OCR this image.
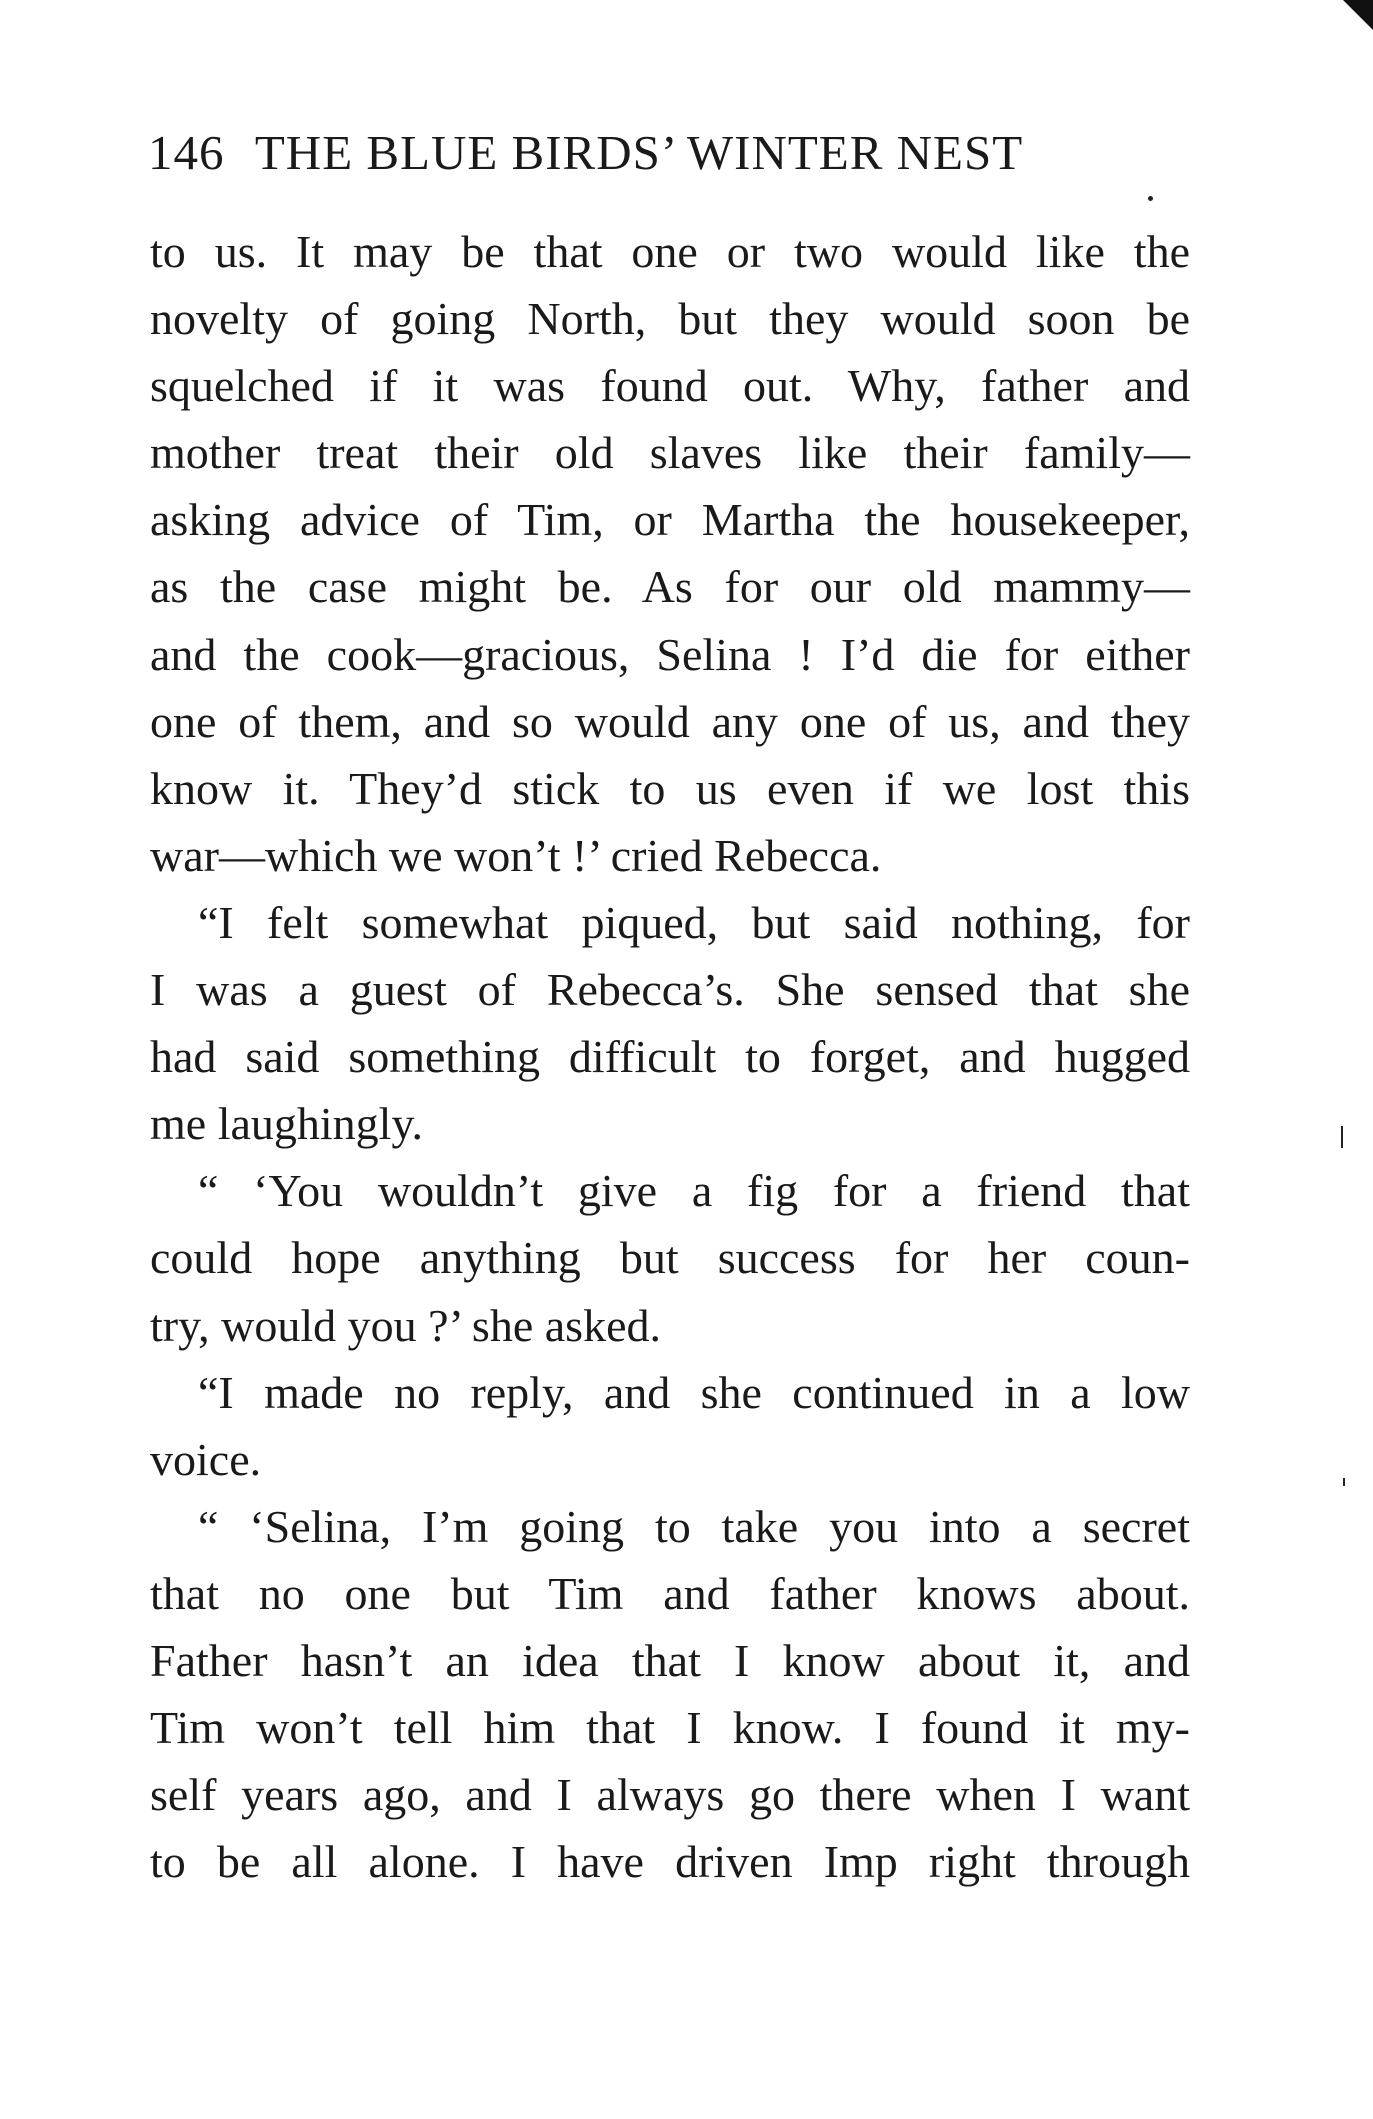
146 THE BLUE BIRDS’ WINTER NEST
to us. It may be that one or two would like the
novelty of going North, but they would soon be
squelched if it was found out. Why, father and
mother treat their old slaves like their family—
asking advice of Tim, or Martha the housekeeper,
as the case might be. As for our old mammy—
and the cook—gracious, Selina ! I’d die for either
one of them, and so would any one of us, and they
know it. They’d stick to us even if we lost this
war—which we won’t !’ cried Rebecca.
“I felt somewhat piqued, but said nothing, for
I was a guest of Rebecca’s. She sensed that she
had said something difficult to forget, and hugged
me laughingly.
“ ‘You wouldn’t give a fig for a friend that
could hope anything but success for her coun-
try, would you ?’ she asked.
“I made no reply, and she continued in a low
voice.
“ ‘Selina, I’m going to take you into a secret
that no one but Tim and father knows about.
Father hasn’t an idea that I know about it, and
Tim won’t tell him that I know. I found it my-
self years ago, and I always go there when I want
to be all alone. I have driven Imp right through
